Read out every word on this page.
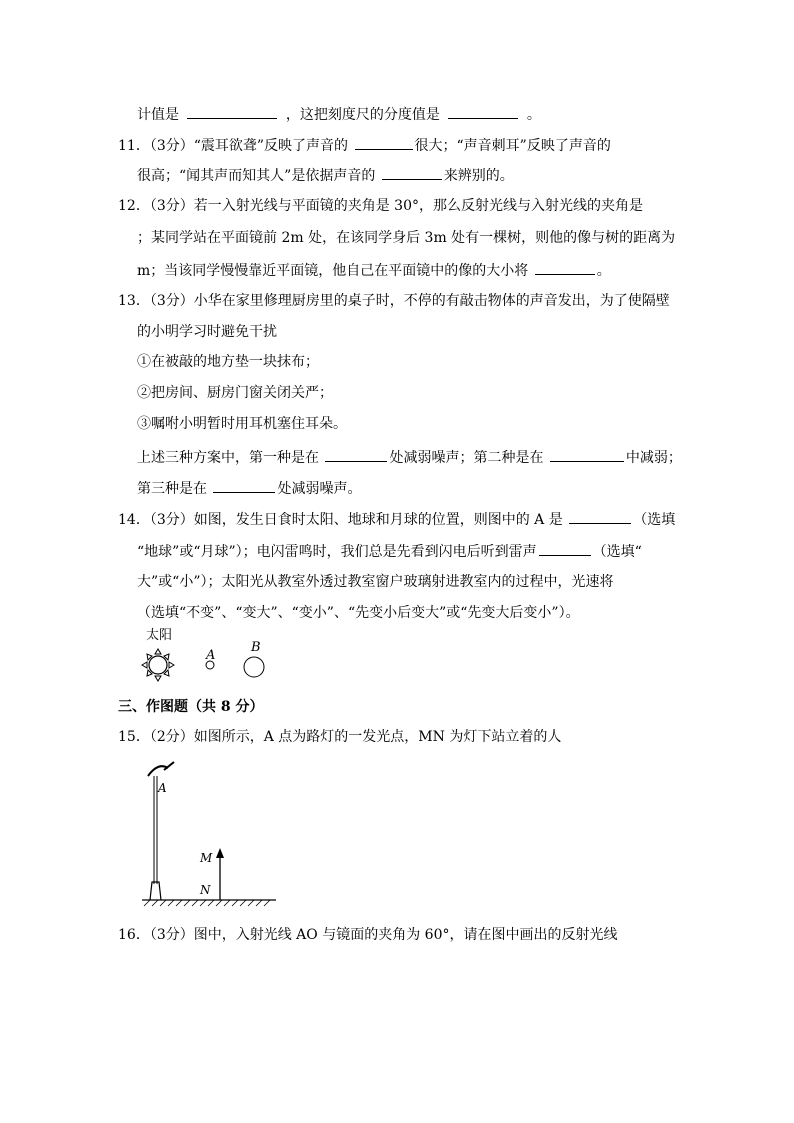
计值是	，这把刻度尺的分度值是	。
11．（3分）“震耳欲聋”反映了声音的	很大；“声音刺耳”反映了声音的
很高；“闻其声而知其人”是依据声音的	来辨别的。
12．（3分）若一入射光线与平面镜的夹角是 30°，那么反射光线与入射光线的夹角是
；某同学站在平面镜前 2m 处，在该同学身后 3m 处有一棵树，则他的像与树的距离为
m；当该同学慢慢靠近平面镜，他自己在平面镜中的像的大小将	。
13．（3分）小华在家里修理厨房里的桌子时，不停的有敲击物体的声音发出，为了使隔壁
的小明学习时避免干扰
①在被敲的地方垫一块抹布；
②把房间、厨房门窗关闭关严；
③嘱咐小明暂时用耳机塞住耳朵。
上述三种方案中，第一种是在	处减弱噪声；第二种是在	中减弱；
第三种是在	处减弱噪声。
14．（3分）如图，发生日食时太阳、地球和月球的位置，则图中的 A 是	（选填
“地球”或“月球”）；电闪雷鸣时，我们总是先看到闪电后听到雷声	（选填“
大”或“小”）；太阳光从教室外透过教室窗户玻璃射进教室内的过程中，光速将
（选填“不变”、“变大”、“变小”、“先变小后变大”或“先变大后变小”）。
太阳
A
B
三、作图题（共 8 分）
15．（2分）如图所示，A 点为路灯的一发光点，MN 为灯下站立着的人
A
M
N
16．（3分）图中，入射光线 AO 与镜面的夹角为 60°，请在图中画出的反射光线
